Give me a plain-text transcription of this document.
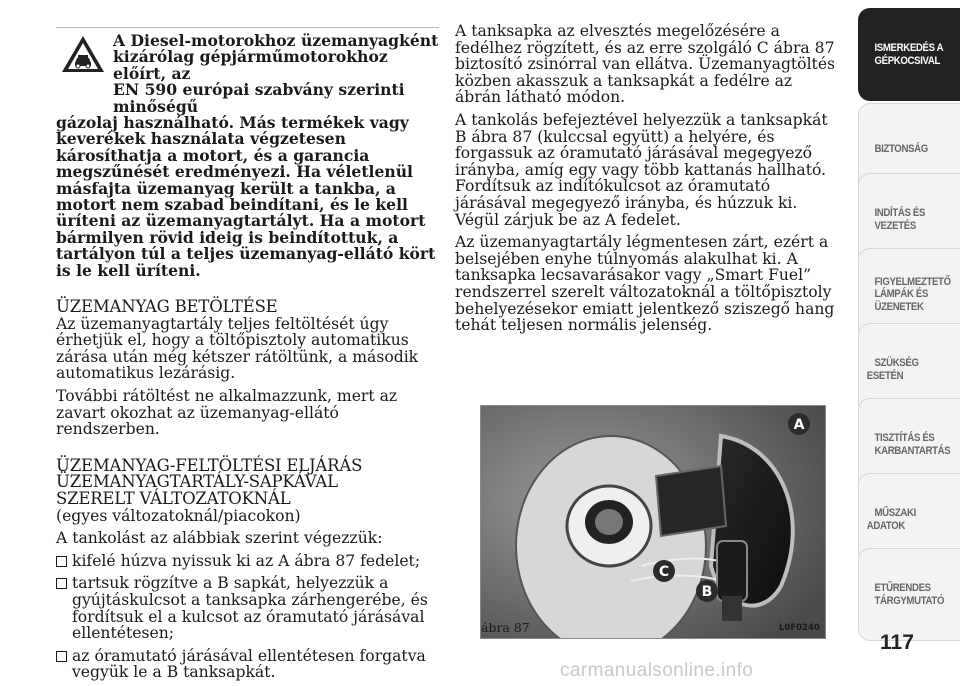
A Diesel-motorokhoz üzemanyagként
kizárólag gépjárműmotorokhoz előírt, az
EN 590 európai szabvány szerinti minőségű
gázolaj használható. Más termékek vagy keverékek használata végzetesen károsíthatja a motort, és a garancia megszűnését eredményezi. Ha véletlenül másfajta üzemanyag került a tankba, a motort nem szabad beindítani, és le kell üríteni az üzemanyagtartályt. Ha a motort bármilyen rövid ideig is beindítottuk, a tartályon túl a teljes üzemanyag-ellátó kört is le kell üríteni.
ÜZEMANYAG BETÖLTÉSE

Az üzemanyagtartály teljes feltöltését úgy érhetjük el, hogy a töltőpisztoly automatikus zárása után még kétszer rátöltünk, a második automatikus lezárásig.

További rátöltést ne alkalmazzunk, mert az zavart okozhat az üzemanyag-ellátó rendszerben.

ÜZEMANYAG-FELTÖLTÉSI ELJÁRÁS
ÜZEMANYAGTARTÁLY-SAPKÁVAL
SZERELT VÁLTOZATOKNÁL

(egyes változatoknál/piacokon)

A tankolást az alábbiak szerint végezzük:

kifelé húzva nyissuk ki az A ábra 87 fedelet;
tartsuk rögzítve a B sapkát, helyezzük a gyújtáskulcsot a tanksapka zárhengerébe, és fordítsuk el a kulcsot az óramutató járásával ellentétesen;
az óramutató járásával ellentétesen forgatva vegyük le a B tanksapkát.

A tanksapka az elvesztés megelőzésére a fedélhez rögzített, és az erre szolgáló C ábra 87 biztosító zsinórral van ellátva. Üzemanyagtöltés közben akasszuk a tanksapkát a fedélre az ábrán látható módon.

A tankolás befejeztével helyezzük a tanksapkát B ábra 87 (kulccsal együtt) a helyére, és forgassuk az óramutató járásával megegyező irányba, amíg egy vagy több kattanás hallható. Fordítsuk az indítókulcsot az óramutató járásával megegyező irányba, és húzzuk ki. Végül zárjuk be az A fedelet.

Az üzemanyagtartály légmentesen zárt, ezért a belsejében enyhe túlnyomás alakulhat ki. A tanksapka lecsavarásakor vagy „Smart Fuel” rendszerrel szerelt változatoknál a töltőpisztoly behelyezésekor emiatt jelentkező sziszegő hang tehát teljesen normális jelenség.

A
C
B
ábra 87	L0F0240
ISMERKEDÉS A
GÉPKOCSIVAL
BIZTONSÁG
INDÍTÁS ÉS
VEZETÉS
FIGYELMEZTETŐ
LÁMPÁK ÉS
ÜZENETEK
SZÜKSÉG ESETÉN
TISZTÍTÁS ÉS
KARBANTARTÁS
MŰSZAKI ADATOK
ETŰRENDES
TÁRGYMUTATÓ
117
carmanualsonline.info
